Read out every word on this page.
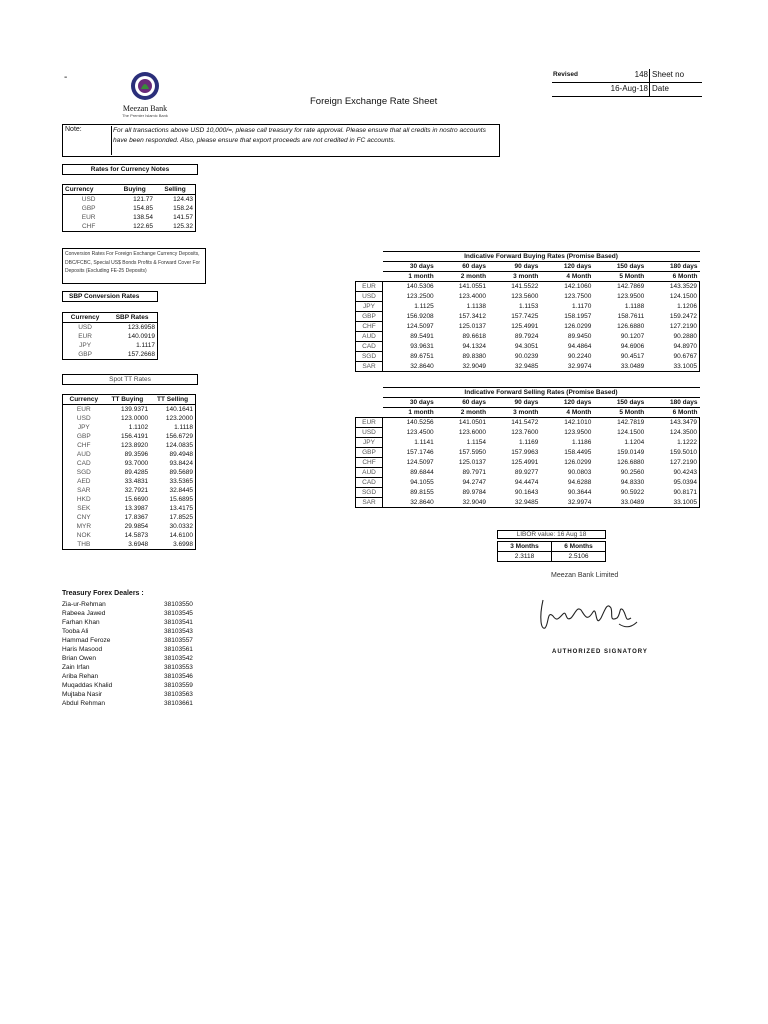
-
Meezan Bank
The Premier Islamic Bank
Foreign Exchange Rate Sheet
Revised	148 Sheet no
16-Aug-18 Date
Note:	For all transactions above USD 10,000/=, please call treasury for rate approval. Please ensure that all credits in nostro accounts have been responded. Also, please ensure that export proceeds are not credited in FC accounts.
Rates for Currency Notes
Currency	Buying	Selling
USD	121.77	124.43
GBP	154.85	158.24
EUR	138.54	141.57
CHF	122.65	125.32
Conversion Rates For Foreign Exchange Currency Deposits, DBC/FCBC, Special US$ Bonds Profits & Forward Cover For Deposits (Excluding FE-25 Deposits)
SBP Conversion Rates
Currency	SBP Rates
USD	123.6958
EUR	140.0919
JPY	1.1117
GBP	157.2668
Spot TT Rates
Currency	TT Buying	TT Selling
EUR	139.9371	140.1641
USD	123.0000	123.2000
JPY	1.1102	1.1118
GBP	156.4191	156.6729
CHF	123.8920	124.0835
AUD	89.3596	89.4948
CAD	93.7000	93.8424
SGD	89.4285	89.5689
AED	33.4831	33.5365
SAR	32.7921	32.8445
HKD	15.6690	15.6895
SEK	13.3987	13.4175
CNY	17.8367	17.8525
MYR	29.9854	30.0332
NOK	14.5873	14.6100
THB	3.6948	3.6998
	Indicative Forward Buying Rates (Promise Based)					
	30 days	60 days	90 days	120 days	150 days	180 days
	1 month	2 month	3 month	4 Month	5 Month	6 Month
EUR	140.5306	141.0551	141.5522	142.1060	142.7869	143.3529
USD	123.2500	123.4000	123.5600	123.7500	123.9500	124.1500
JPY	1.1125	1.1138	1.1153	1.1170	1.1188	1.1206
GBP	156.9208	157.3412	157.7425	158.1957	158.7611	159.2472
CHF	124.5097	125.0137	125.4991	126.0299	126.6880	127.2190
AUD	89.5491	89.6618	89.7924	89.9450	90.1207	90.2880
CAD	93.9631	94.1324	94.3051	94.4864	94.6906	94.8970
SGD	89.6751	89.8380	90.0239	90.2240	90.4517	90.6767
SAR	32.8640	32.9049	32.9485	32.9974	33.0489	33.1005
	Indicative Forward Selling Rates (Promise Based)					
	30 days	60 days	90 days	120 days	150 days	180 days
	1 month	2 month	3 month	4 Month	5 Month	6 Month
EUR	140.5256	141.0501	141.5472	142.1010	142.7819	143.3479
USD	123.4500	123.6000	123.7600	123.9500	124.1500	124.3500
JPY	1.1141	1.1154	1.1169	1.1186	1.1204	1.1222
GBP	157.1746	157.5950	157.9963	158.4495	159.0149	159.5010
CHF	124.5097	125.0137	125.4991	126.0299	126.6880	127.2190
AUD	89.6844	89.7971	89.9277	90.0803	90.2560	90.4243
CAD	94.1055	94.2747	94.4474	94.6288	94.8330	95.0394
SGD	89.8155	89.9784	90.1643	90.3644	90.5922	90.8171
SAR	32.8640	32.9049	32.9485	32.9974	33.0489	33.1005
LIBOR value: 16 Aug 18
3 Months	6 Months
2.3118	2.5106
Meezan Bank Limited
AUTHORIZED SIGNATORY
Treasury Forex Dealers :
Zia-ur-Rehman	38103550
Rabeea Jawed	38103545
Farhan Khan	38103541
Tooba Ali	38103543
Hammad Feroze	38103557
Haris Masood	38103561
Brian Owen	38103542
Zain Irfan	38103553
Ariba Rehan	38103546
Muqaddas Khalid	38103559
Mujtaba Nasir	38103563
Abdul Rehman	38103661
